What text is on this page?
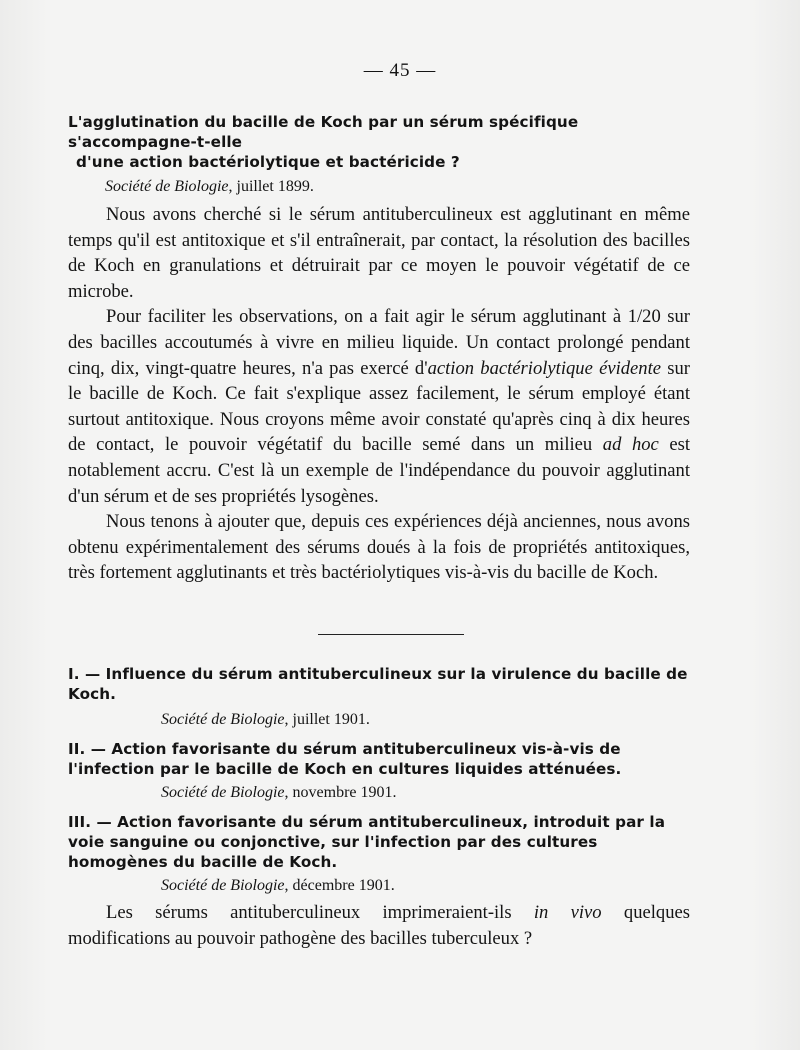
— 45 —

L'agglutination du bacille de Koch par un sérum spécifique s'accompagne-t-elle
d'une action bactériolytique et bactéricide ?

Société de Biologie, juillet 1899.

Nous avons cherché si le sérum antituberculineux est agglutinant en même temps qu'il est antitoxique et s'il entraînerait, par contact, la résolution des bacilles de Koch en granulations et détruirait par ce moyen le pouvoir végétatif de ce microbe.

Pour faciliter les observations, on a fait agir le sérum agglutinant à 1/20 sur des bacilles accoutumés à vivre en milieu liquide. Un contact prolongé pendant cinq, dix, vingt-quatre heures, n'a pas exercé d'action bactériolytique évidente sur le bacille de Koch. Ce fait s'explique assez facilement, le sérum employé étant surtout antitoxique. Nous croyons même avoir constaté qu'après cinq à dix heures de contact, le pouvoir végétatif du bacille semé dans un milieu ad hoc est notablement accru. C'est là un exemple de l'indépendance du pouvoir agglutinant d'un sérum et de ses propriétés lysogènes.

Nous tenons à ajouter que, depuis ces expériences déjà anciennes, nous avons obtenu expérimentalement des sérums doués à la fois de propriétés antitoxiques, très fortement agglutinants et très bactériolytiques vis-à-vis du bacille de Koch.

I. — Influence du sérum antituberculineux sur la virulence du bacille de Koch.

Société de Biologie, juillet 1901.

II. — Action favorisante du sérum antituberculineux vis-à-vis de l'infection par le bacille de Koch en cultures liquides atténuées.

Société de Biologie, novembre 1901.

III. — Action favorisante du sérum antituberculineux, introduit par la voie sanguine ou conjonctive, sur l'infection par des cultures homogènes du bacille de Koch.

Société de Biologie, décembre 1901.

Les sérums antituberculineux imprimeraient-ils in vivo quelques modifications au pouvoir pathogène des bacilles tuberculeux ?
